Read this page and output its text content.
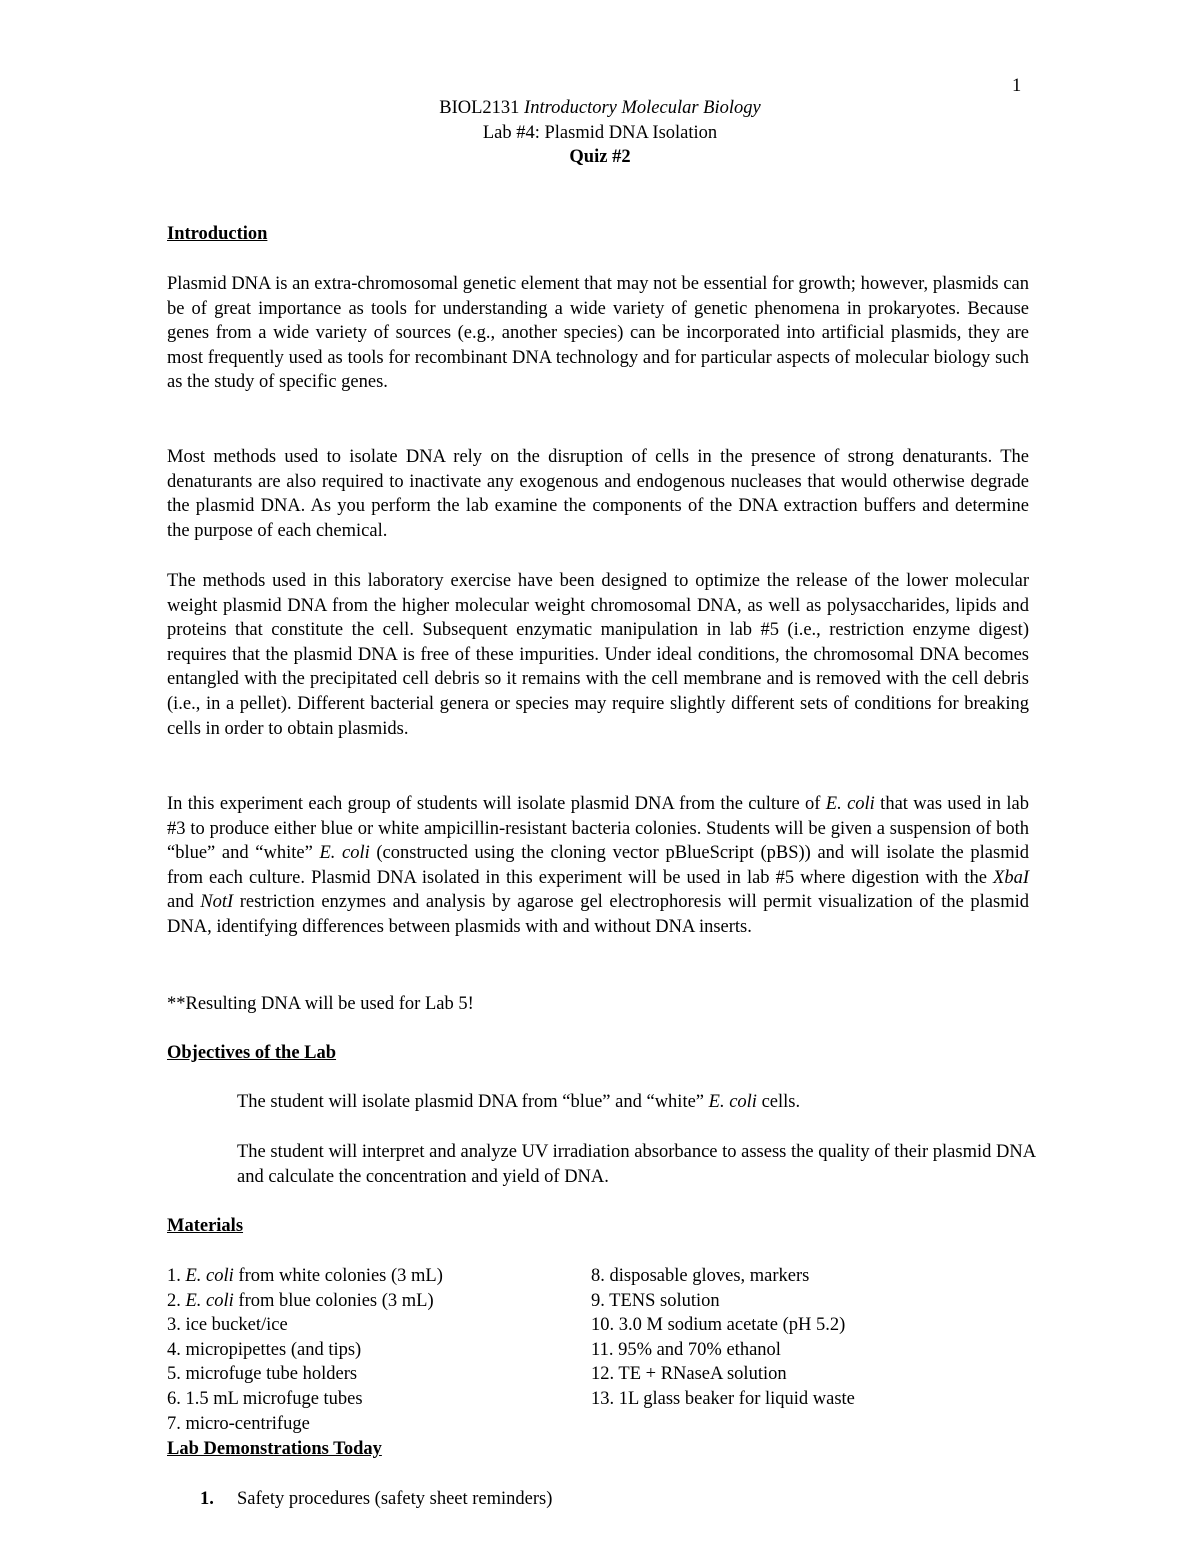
1
BIOL2131 Introductory Molecular Biology
Lab #4: Plasmid DNA Isolation
Quiz #2
Introduction

Plasmid DNA is an extra-chromosomal genetic element that may not be essential for growth; however, plasmids can be of great importance as tools for understanding a wide variety of genetic phenomena in prokaryotes. Because genes from a wide variety of sources (e.g., another species) can be incorporated into artificial plasmids, they are most frequently used as tools for recombinant DNA technology and for particular aspects of molecular biology such as the study of specific genes.

Most methods used to isolate DNA rely on the disruption of cells in the presence of strong denaturants. The denaturants are also required to inactivate any exogenous and endogenous nucleases that would otherwise degrade the plasmid DNA. As you perform the lab examine the components of the DNA extraction buffers and determine the purpose of each chemical.

The methods used in this laboratory exercise have been designed to optimize the release of the lower molecular weight plasmid DNA from the higher molecular weight chromosomal DNA, as well as polysaccharides, lipids and proteins that constitute the cell. Subsequent enzymatic manipulation in lab #5 (i.e., restriction enzyme digest) requires that the plasmid DNA is free of these impurities. Under ideal conditions, the chromosomal DNA becomes entangled with the precipitated cell debris so it remains with the cell membrane and is removed with the cell debris (i.e., in a pellet). Different bacterial genera or species may require slightly different sets of conditions for breaking cells in order to obtain plasmids.

In this experiment each group of students will isolate plasmid DNA from the culture of E. coli that was used in lab #3 to produce either blue or white ampicillin-resistant bacteria colonies. Students will be given a suspension of both “blue” and “white” E. coli (constructed using the cloning vector pBlueScript (pBS)) and will isolate the plasmid from each culture. Plasmid DNA isolated in this experiment will be used in lab #5 where digestion with the XbaI and NotI restriction enzymes and analysis by agarose gel electrophoresis will permit visualization of the plasmid DNA, identifying differences between plasmids with and without DNA inserts.

**Resulting DNA will be used for Lab 5!
Objectives of the Lab

The student will isolate plasmid DNA from “blue” and “white” E. coli cells.

The student will interpret and analyze UV irradiation absorbance to assess the quality of their plasmid DNA and calculate the concentration and yield of DNA.

Materials
1. E. coli from white colonies (3 mL)
2. E. coli from blue colonies (3 mL)
3. ice bucket/ice
4. micropipettes (and tips)
5. microfuge tube holders
6. 1.5 mL microfuge tubes
7. micro-centrifuge
8. disposable gloves, markers
9. TENS solution
10. 3.0 M sodium acetate (pH 5.2)
11. 95% and 70% ethanol
12. TE + RNaseA solution
13. 1L glass beaker for liquid waste
Lab Demonstrations Today
1. Safety procedures (safety sheet reminders)
